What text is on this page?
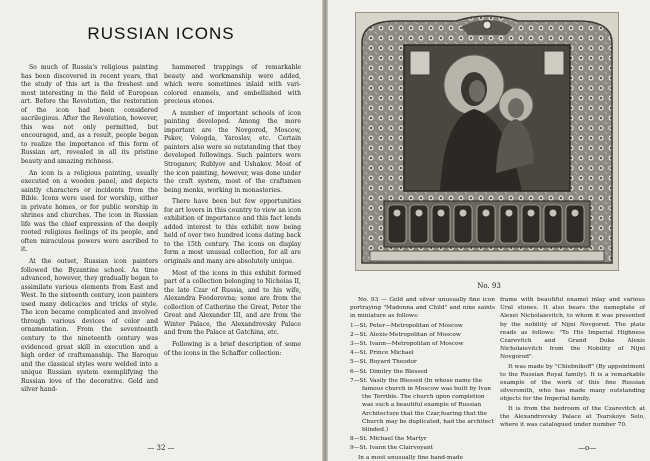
RUSSIAN ICONS

So much of Russia's religious painting has been discovered in recent years, that the study of this art is the freshest and most interesting in the field of European art. Before the Revolution, the restoration of the icon had been considered sacrilegious. After the Revolution, however, this was not only permitted, but encouraged, and, as a result, people began to realize the importance of this form of Russian art, revealed in all its pristine beauty and amazing richness.

An icon is a religious painting, usually executed on a wooden panel, and depicts saintly characters or incidents from the Bible. Icons were used for worship, either in private homes, or for public worship in shrines and churches. The icon in Russian life was the chief expression of the deeply rooted religious feelings of its people, and often miraculous powers were ascribed to it.

At the outset, Russian icon painters followed the Byzantine school. As time advanced, however, they gradually began to assimilate various elements from East and West. In the sixteenth century, icon painters used many delicacies and tricks of style. The icon became complicated and involved through various devices of color and ornamentation. From the seventeenth century to the nineteenth century was evidenced great skill in execution and a high order of craftsmanship. The Baroque and the classical styles were welded into a unique Russian system exemplifying the Russian love of the decorative. Gold and silver hand-

hammered trappings of remarkable beauty and workmanship were added, which were sometimes inlaid with vari-colored enamels, and embellished with precious stones.

A number of important schools of icon painting developed. Among the more important are the Novgorod, Moscow, Pskov, Vologda, Yaroslav, etc. Certain painters also were so outstanding that they developed followings. Such painters were Stroganov, Rublyov and Ushakov. Most of the icon painting, however, was done under the craft system, most of the craftsmen being monks, working in monasteries.

There have been but few opportunities for art lovers in this country to view an icon exhibition of importance and this fact lends added interest to this exhibit now being held of over two hundred icons dating back to the 15th century. The icons on display form a most unusual collection, for all are originals and many are absolutely unique.

Most of the icons in this exhibit formed part of a collection belonging to Nicholas II, the late Czar of Russia, and to his wife, Alexandra Feodorovna; some are from the collection of Catherine the Great, Peter the Great and Alexander III, and are from the Winter Palace, the Alexandrovsky Palace and from the Palace at Gatchina, etc.

Following is a brief description of some of the icons in the Schaffer collection:

— 32 —
No. 93

No. 93 — Gold and silver unusually fine icon portraying "Madonna and Child" and nine saints in miniature as follows:

1—St. Peter—Metropolitan of Moscow

2—St. Alexis-Metropolitan of Moscow

3—St. Ivann—Metropolitan of Moscow

4—St. Prince Michael

5—St. Boyard Theodor

6—St. Dimitry the Blessed

7—St. Vasily the Blessed (In whose name the famous church in Moscow was built by Ivan the Terrible. The church upon completion was such a beautiful example of Russian Architecture that the Czar,fearing that the Church may be duplicated, had the architect blinded.)

8—St. Michael the Martyr

9—St. Ivann the Clairvoyant

In a most unusually fine hand-made

frame with beautiful enamel inlay and various Ural stones. It also bears the nameplate of Alexei Nicholaievitch, to whom it was presented by the nobility of Nijni Novgorod. The plate reads as follows: "To His Imperial Highness Czarevitch and Grand Duke Alexis Nicholaievitch from the Nobility of Nijni Novgorod".

It was made by "Chlebnikoff" (By appointment to the Russian Royal family). It is a remarkable example of the work of this fine Russian silversmith, who has made many outstanding objects for the Imperial family.

It is from the bedroom of the Czarevitch at the Alexandrovsky Palace at Tsarskoye Selo, where it was catalogued under number 70.

—o—
